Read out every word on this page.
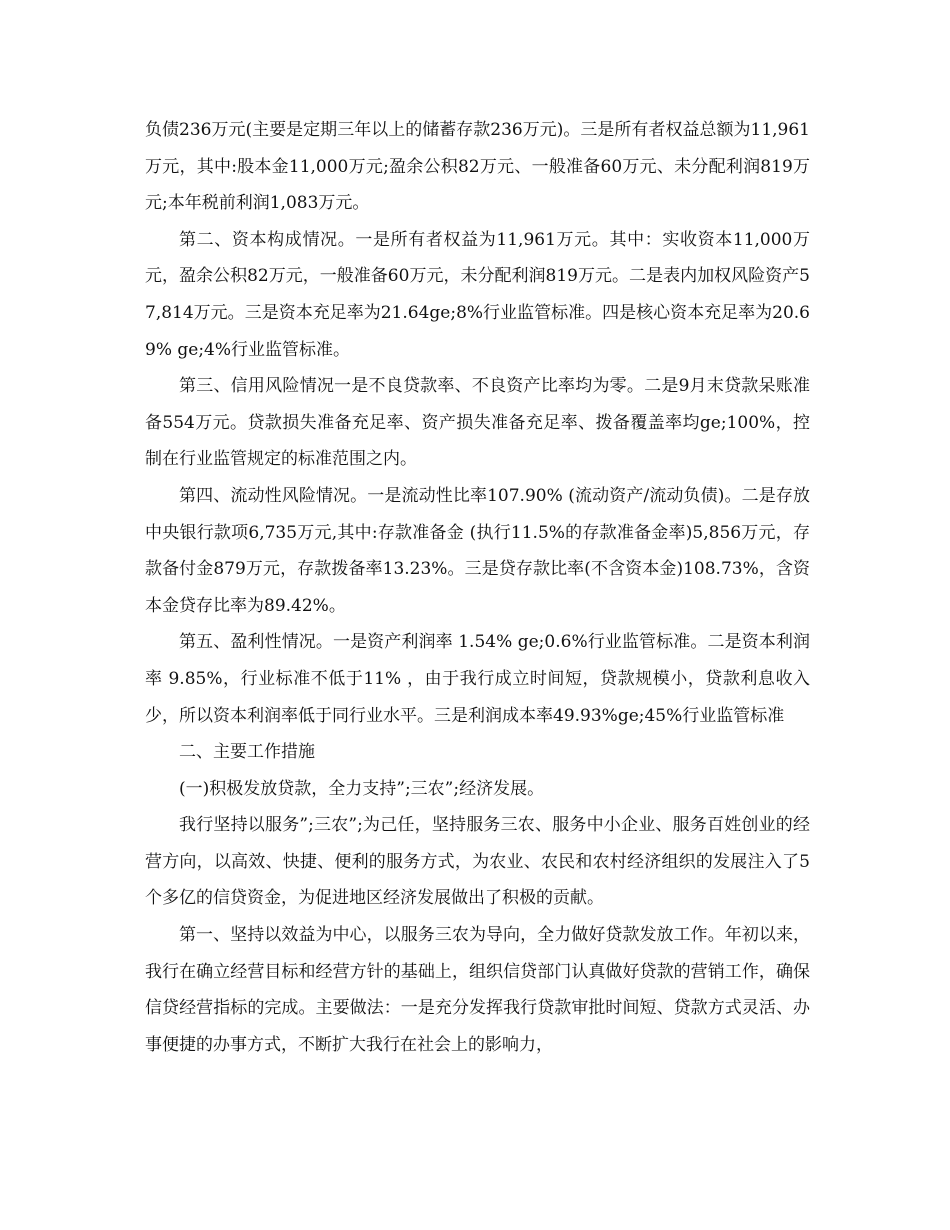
负债236万元(主要是定期三年以上的储蓄存款236万元)。三是所有者权益总额为11,961万元，其中:股本金11,000万元;盈余公积82万元、一般准备60万元、未分配利润819万元;本年税前利润1,083万元。

第二、资本构成情况。一是所有者权益为11,961万元。其中：实收资本11,000万元，盈余公积82万元，一般准备60万元，未分配利润819万元。二是表内加权风险资产57,814万元。三是资本充足率为21.64ge;8%行业监管标准。四是核心资本充足率为20.69% ge;4%行业监管标准。

第三、信用风险情况一是不良贷款率、不良资产比率均为零。二是9月末贷款呆账准备554万元。贷款损失准备充足率、资产损失准备充足率、拨备覆盖率均ge;100%，控制在行业监管规定的标准范围之内。

第四、流动性风险情况。一是流动性比率107.90% (流动资产/流动负债)。二是存放中央银行款项6,735万元,其中:存款准备金 (执行11.5%的存款准备金率)5,856万元，存款备付金879万元，存款拨备率13.23%。三是贷存款比率(不含资本金)108.73%，含资本金贷存比率为89.42%。

第五、盈利性情况。一是资产利润率 1.54% ge;0.6%行业监管标准。二是资本利润率 9.85%，行业标准不低于11% ，由于我行成立时间短，贷款规模小，贷款利息收入少，所以资本利润率低于同行业水平。三是利润成本率49.93%ge;45%行业监管标准

二、主要工作措施

(一)积极发放贷款，全力支持”;三农”;经济发展。

我行坚持以服务”;三农”;为己任，坚持服务三农、服务中小企业、服务百姓创业的经营方向，以高效、快捷、便利的服务方式，为农业、农民和农村经济组织的发展注入了5个多亿的信贷资金，为促进地区经济发展做出了积极的贡献。

第一、坚持以效益为中心，以服务三农为导向，全力做好贷款发放工作。年初以来，我行在确立经营目标和经营方针的基础上，组织信贷部门认真做好贷款的营销工作，确保信贷经营指标的完成。主要做法：一是充分发挥我行贷款审批时间短、贷款方式灵活、办事便捷的办事方式，不断扩大我行在社会上的影响力，
